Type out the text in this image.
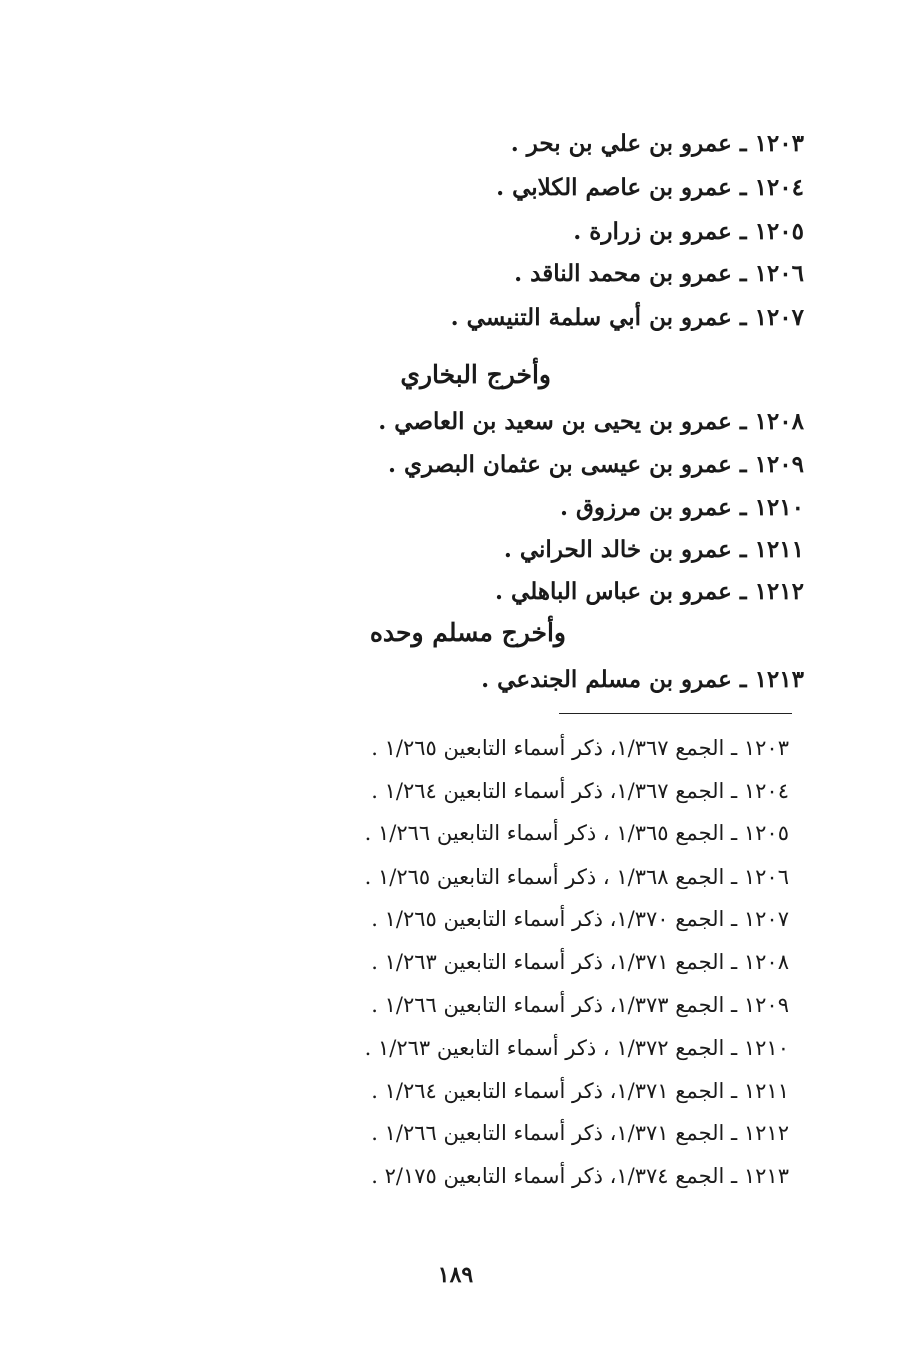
١٢٠٣ ـ عمرو بن علي بن بحر .
١٢٠٤ ـ عمرو بن عاصم الكلابي .
١٢٠٥ ـ عمرو بن زرارة .
١٢٠٦ ـ عمرو بن محمد الناقد .
١٢٠٧ ـ عمرو بن أبي سلمة التنيسي .
وأخرج البخاري
١٢٠٨ ـ عمرو بن يحيى بن سعيد بن العاصي .
١٢٠٩ ـ عمرو بن عيسى بن عثمان البصري .
١٢١٠ ـ عمرو بن مرزوق .
١٢١١ ـ عمرو بن خالد الحراني .
١٢١٢ ـ عمرو بن عباس الباهلي .
وأخرج مسلم وحده
١٢١٣ ـ عمرو بن مسلم الجندعي .
١٢٠٣ ـ الجمع ١/٣٦٧، ذكر أسماء التابعين ١/٢٦٥ .
١٢٠٤ ـ الجمع ١/٣٦٧، ذكر أسماء التابعين ١/٢٦٤ .
١٢٠٥ ـ الجمع ١/٣٦٥ ، ذكر أسماء التابعين ١/٢٦٦ .
١٢٠٦ ـ الجمع ١/٣٦٨ ، ذكر أسماء التابعين ١/٢٦٥ .
١٢٠٧ ـ الجمع ١/٣٧٠، ذكر أسماء التابعين ١/٢٦٥ .
١٢٠٨ ـ الجمع ١/٣٧١، ذكر أسماء التابعين ١/٢٦٣ .
١٢٠٩ ـ الجمع ١/٣٧٣، ذكر أسماء التابعين ١/٢٦٦ .
١٢١٠ ـ الجمع ١/٣٧٢ ، ذكر أسماء التابعين ١/٢٦٣ .
١٢١١ ـ الجمع ١/٣٧١، ذكر أسماء التابعين ١/٢٦٤ .
١٢١٢ ـ الجمع ١/٣٧١، ذكر أسماء التابعين ١/٢٦٦ .
١٢١٣ ـ الجمع ١/٣٧٤، ذكر أسماء التابعين ٢/١٧٥ .
١٨٩
